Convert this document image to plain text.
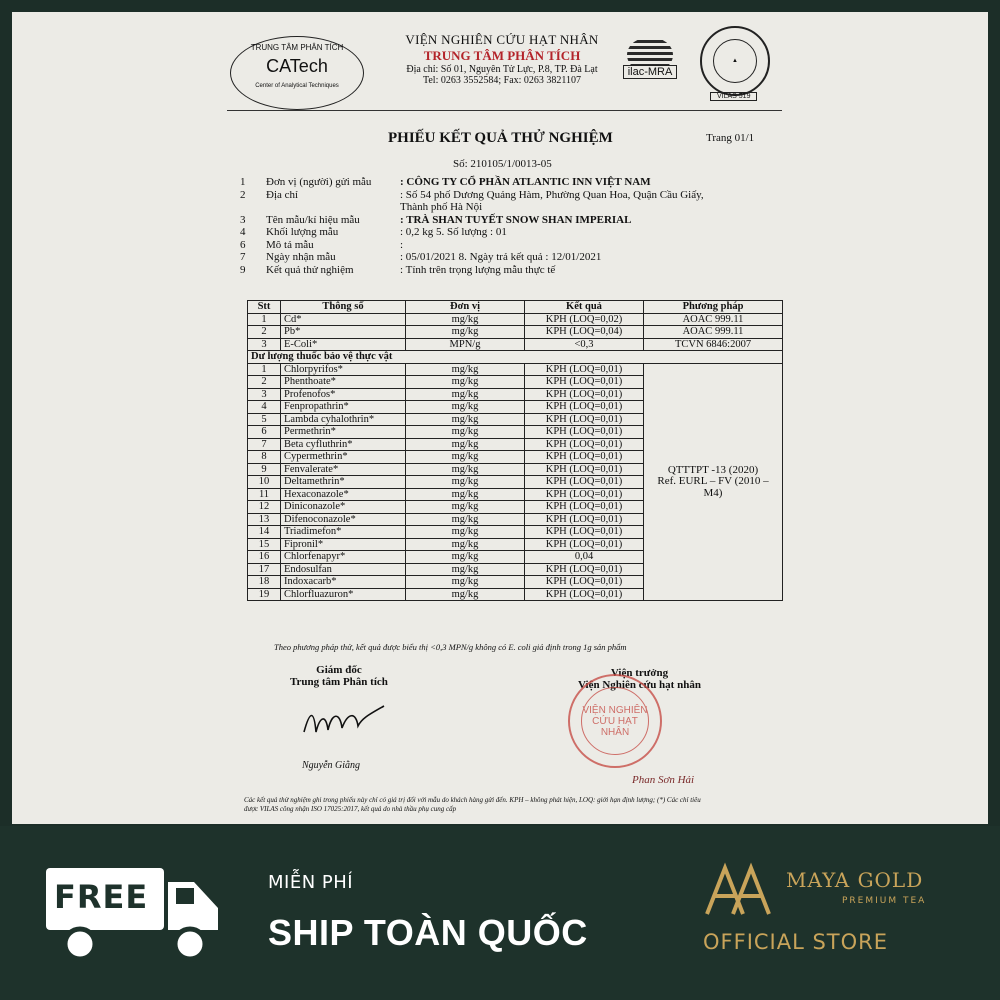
TRUNG TÂM PHÂN TÍCH
CATech
Center of Analytical Techniques
VIỆN NGHIÊN CỨU HẠT NHÂN
TRUNG TÂM PHÂN TÍCH
Địa chỉ: Số 01, Nguyên Tử Lực, P.8, TP. Đà Lạt
Tel: 0263 3552584; Fax: 0263 3821107
ilac-MRA
▲
VILAS 519
PHIẾU KẾT QUẢ THỬ NGHIỆM	Trang 01/1
Số: 210105/1/0013-05
1	Đơn vị (người) gửi mẫu	: CÔNG TY CỔ PHẦN ATLANTIC INN VIỆT NAM
2	Địa chỉ	: Số 54 phố Dương Quảng Hàm, Phường Quan Hoa, Quận Cầu Giấy,
Thành phố Hà Nội
3	Tên mẫu/kí hiệu mẫu	: TRÀ SHAN TUYẾT SNOW SHAN IMPERIAL
4	Khối lượng mẫu	: 0,2 kg 5. Số lượng : 01
6	Mô tả mẫu	:
7	Ngày nhận mẫu	: 05/01/2021 8. Ngày trả kết quả : 12/01/2021
9	Kết quả thử nghiệm	: Tính trên trọng lượng mẫu thực tế
Stt	Thông số	Đơn vị	Kết quả	Phương pháp
1	Cd*	mg/kg	KPH (LOQ=0,02)	AOAC 999.11
2	Pb*	mg/kg	KPH (LOQ=0,04)	AOAC 999.11
3	E-Coli*	MPN/g	<0,3	TCVN 6846:2007
Dư lượng thuốc bảo vệ thực vật				
1	Chlorpyrifos*	mg/kg	KPH (LOQ=0,01)	QTTTPT -13 (2020)
Ref. EURL – FV (2010 – M4)

2	Phenthoate*	mg/kg	KPH (LOQ=0,01)	
3	Profenofos*	mg/kg	KPH (LOQ=0,01)	
4	Fenpropathrin*	mg/kg	KPH (LOQ=0,01)	
5	Lambda cyhalothrin*	mg/kg	KPH (LOQ=0,01)	
6	Permethrin*	mg/kg	KPH (LOQ=0,01)	
7	Beta cyfluthrin*	mg/kg	KPH (LOQ=0,01)	
8	Cypermethrin*	mg/kg	KPH (LOQ=0,01)	
9	Fenvalerate*	mg/kg	KPH (LOQ=0,01)	
10	Deltamethrin*	mg/kg	KPH (LOQ=0,01)	
11	Hexaconazole*	mg/kg	KPH (LOQ=0,01)	
12	Diniconazole*	mg/kg	KPH (LOQ=0,01)	
13	Difenoconazole*	mg/kg	KPH (LOQ=0,01)	
14	Triadimefon*	mg/kg	KPH (LOQ=0,01)	
15	Fipronil*	mg/kg	KPH (LOQ=0,01)	
16	Chlorfenapyr*	mg/kg	0,04	
17	Endosulfan	mg/kg	KPH (LOQ=0,01)	
18	Indoxacarb*	mg/kg	KPH (LOQ=0,01)	
19	Chlorfluazuron*	mg/kg	KPH (LOQ=0,01)	
Theo phương pháp thử, kết quả được biểu thị <0,3 MPN/g không có E. coli giả định trong 1g sản phẩm
Giám đốc
Trung tâm Phân tích
Nguyễn Giằng
Viện trưởng
Viện Nghiên cứu hạt nhân
VIỆN NGHIÊN CỨU HẠT NHÂN
Phan Sơn Hải
Các kết quả thử nghiệm ghi trong phiếu này chỉ có giá trị đối với mẫu do khách hàng gửi đến. KPH – không phát hiện, LOQ: giới hạn định lượng; (*) Các chỉ tiêu được VILAS công nhận ISO 17025:2017, kết quả do nhà thầu phụ cung cấp
FREE	MIỄN PHÍ
SHIP TOÀN QUỐC
MAYA GOLD
PREMIUM TEA
OFFICIAL STORE
